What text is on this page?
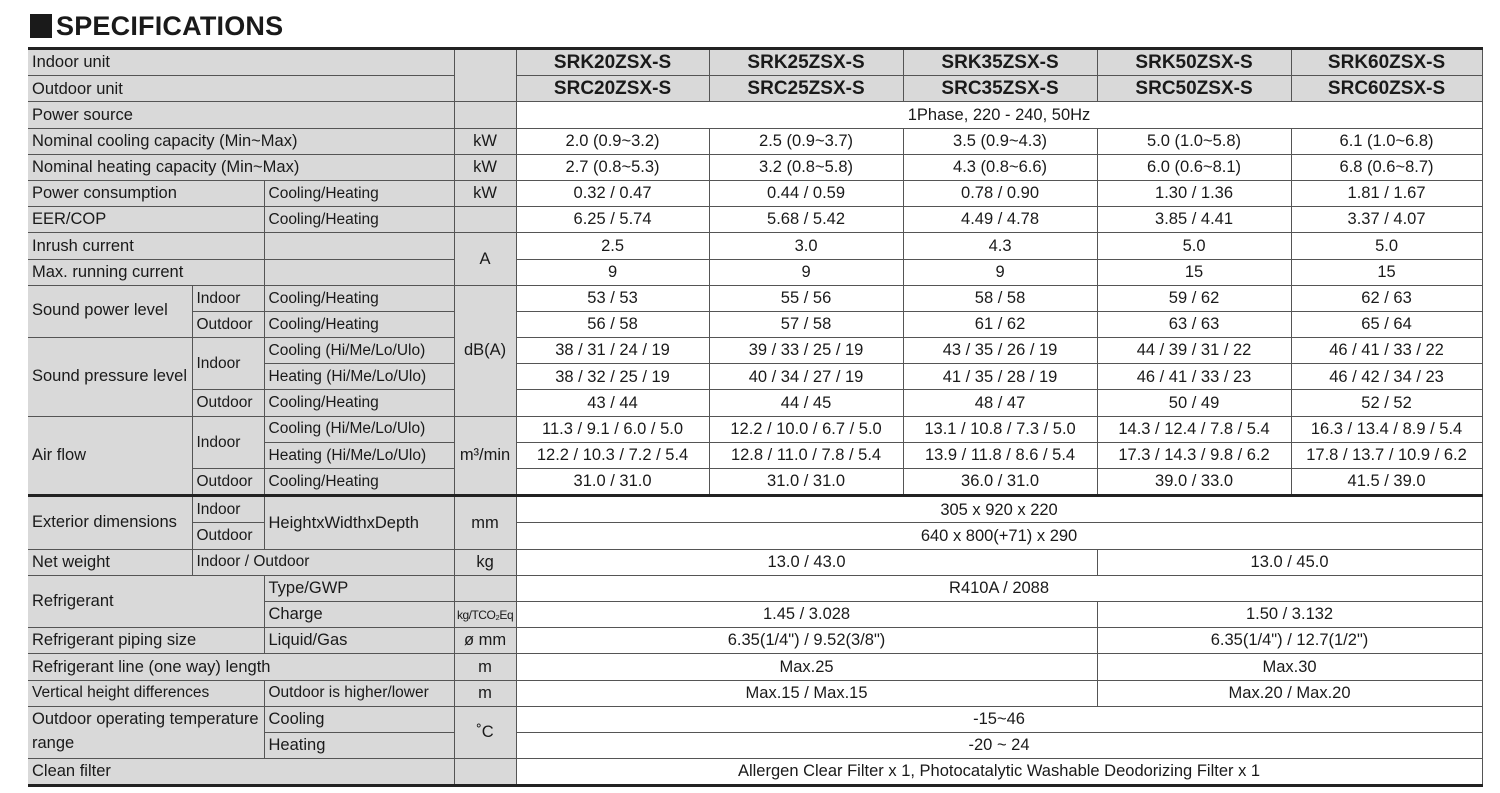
SPECIFICATIONS
Indoor unit				SRK20ZSX-S	SRK25ZSX-S	SRK35ZSX-S	SRK50ZSX-S	SRK60ZSX-S
Outdoor unit				SRC20ZSX-S	SRC25ZSX-S	SRC35ZSX-S	SRC50ZSX-S	SRC60ZSX-S
Power source				1Phase, 220 - 240, 50Hz				
Nominal cooling capacity (Min~Max)			kW	2.0 (0.9~3.2)	2.5 (0.9~3.7)	3.5 (0.9~4.3)	5.0 (1.0~5.8)	6.1 (1.0~6.8)
Nominal heating capacity (Min~Max)			kW	2.7 (0.8~5.3)	3.2 (0.8~5.8)	4.3 (0.8~6.6)	6.0 (0.6~8.1)	6.8 (0.6~8.7)
Power consumption		Cooling/Heating	kW	0.32 / 0.47	0.44 / 0.59	0.78 / 0.90	1.30 / 1.36	1.81 / 1.67
EER/COP		Cooling/Heating		6.25 / 5.74	5.68 / 5.42	4.49 / 4.78	3.85 / 4.41	3.37 / 4.07
Inrush current			A	2.5	3.0	4.3	5.0	5.0
Max. running current				9	9	9	15	15
Sound power level	Indoor	Cooling/Heating	dB(A)	53 / 53	55 / 56	58 / 58	59 / 62	62 / 63
	Outdoor	Cooling/Heating		56 / 58	57 / 58	61 / 62	63 / 63	65 / 64
Sound pressure level	Indoor	Cooling (Hi/Me/Lo/Ulo)		38 / 31 / 24 / 19	39 / 33 / 25 / 19	43 / 35 / 26 / 19	44 / 39 / 31 / 22	46 / 41 / 33 / 22
		Heating (Hi/Me/Lo/Ulo)		38 / 32 / 25 / 19	40 / 34 / 27 / 19	41 / 35 / 28 / 19	46 / 41 / 33 / 23	46 / 42 / 34 / 23
	Outdoor	Cooling/Heating		43 / 44	44 / 45	48 / 47	50 / 49	52 / 52
Air flow	Indoor	Cooling (Hi/Me/Lo/Ulo)	m³/min	11.3 / 9.1 / 6.0 / 5.0	12.2 / 10.0 / 6.7 / 5.0	13.1 / 10.8 / 7.3 / 5.0	14.3 / 12.4 / 7.8 / 5.4	16.3 / 13.4 / 8.9 / 5.4
		Heating (Hi/Me/Lo/Ulo)		12.2 / 10.3 / 7.2 / 5.4	12.8 / 11.0 / 7.8 / 5.4	13.9 / 11.8 / 8.6 / 5.4	17.3 / 14.3 / 9.8 / 6.2	17.8 / 13.7 / 10.9 / 6.2
	Outdoor	Cooling/Heating		31.0 / 31.0	31.0 / 31.0	36.0 / 31.0	39.0 / 33.0	41.5 / 39.0
Exterior dimensions	Indoor	HeightxWidthxDepth	mm	305 x 920 x 220				
	Outdoor			640 x 800(+71) x 290				
Net weight	Indoor / Outdoor		kg	13.0 / 43.0			13.0 / 45.0	
Refrigerant		Type/GWP		R410A / 2088				
		Charge	kg/TCO₂Eq	1.45 / 3.028			1.50 / 3.132	
Refrigerant piping size		Liquid/Gas	ø mm	6.35(1/4") / 9.52(3/8")			6.35(1/4") / 12.7(1/2")	
Refrigerant line (one way) length			m	Max.25			Max.30	
Vertical height differences		Outdoor is higher/lower	m	Max.15 / Max.15			Max.20 / Max.20	
Outdoor operating temperature range		Cooling	˚C	-15~46				
		Heating		-20 ~ 24				
Clean filter				Allergen Clear Filter x 1, Photocatalytic Washable Deodorizing Filter x 1				
